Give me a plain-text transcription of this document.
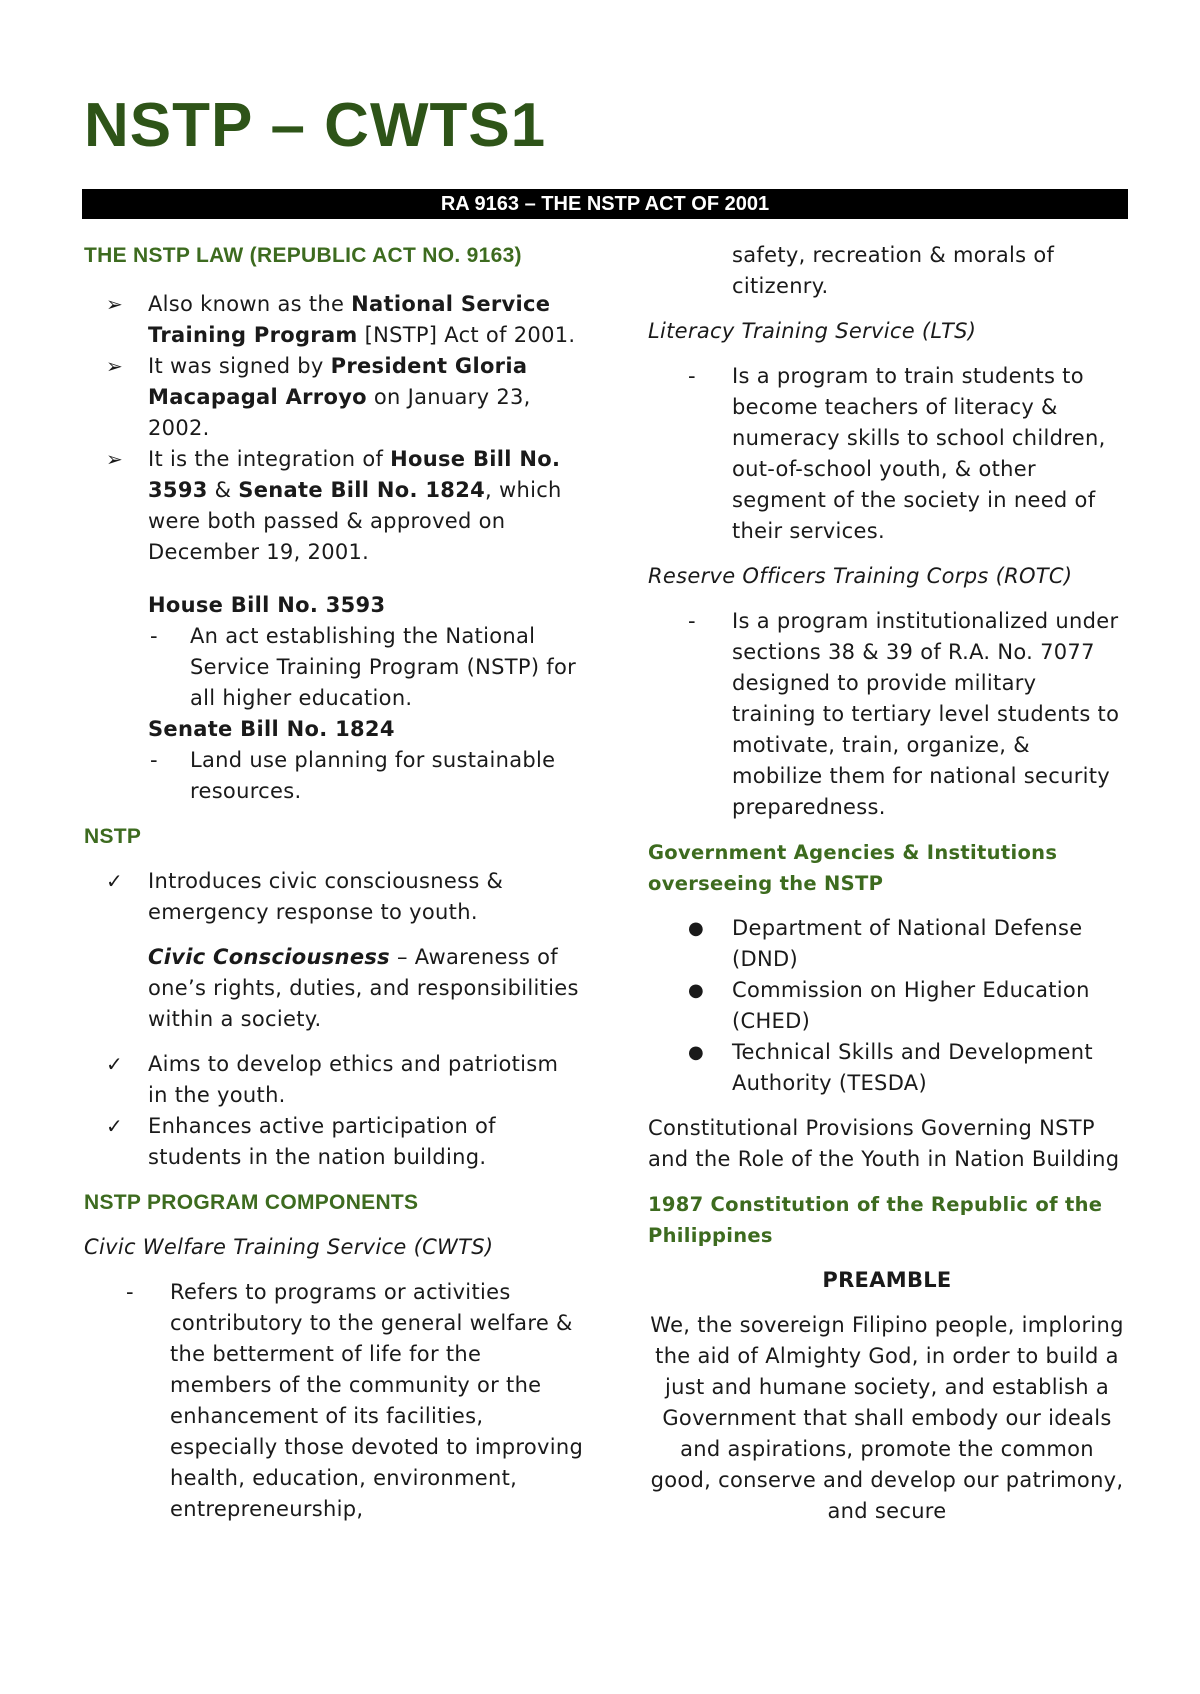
NSTP – CWTS1
RA 9163 – THE NSTP ACT OF 2001

THE NSTP LAW (REPUBLIC ACT NO. 9163)

➢ Also known as the National Service Training Program [NSTP] Act of 2001.
➢ It was signed by President Gloria Macapagal Arroyo on January 23, 2002.
➢ It is the integration of House Bill No. 3593 & Senate Bill No. 1824, which were both passed & approved on December 19, 2001.

House Bill No. 3593

- An act establishing the National Service Training Program (NSTP) for all higher education.

Senate Bill No. 1824

- Land use planning for sustainable resources.

NSTP

✓ Introduces civic consciousness & emergency response to youth.

Civic Consciousness – Awareness of one’s rights, duties, and responsibilities within a society.

✓ Aims to develop ethics and patriotism in the youth.
✓ Enhances active participation of students in the nation building.

NSTP PROGRAM COMPONENTS

Civic Welfare Training Service (CWTS)

- Refers to programs or activities contributory to the general welfare & the betterment of life for the members of the community or the enhancement of its facilities, especially those devoted to improving health, education, environment, entrepreneurship,

safety, recreation & morals of citizenry.

Literacy Training Service (LTS)

- Is a program to train students to become teachers of literacy & numeracy skills to school children, out-of-school youth, & other segment of the society in need of their services.

Reserve Officers Training Corps (ROTC)

- Is a program institutionalized under sections 38 & 39 of R.A. No. 7077 designed to provide military training to tertiary level students to motivate, train, organize, & mobilize them for national security preparedness.

Government Agencies & Institutions overseeing the NSTP

● Department of National Defense (DND)
● Commission on Higher Education (CHED)
● Technical Skills and Development Authority (TESDA)

Constitutional Provisions Governing NSTP and the Role of the Youth in Nation Building

1987 Constitution of the Republic of the Philippines

PREAMBLE

We, the sovereign Filipino people, imploring the aid of Almighty God, in order to build a just and humane society, and establish a Government that shall embody our ideals and aspirations, promote the common good, conserve and develop our patrimony, and secure
